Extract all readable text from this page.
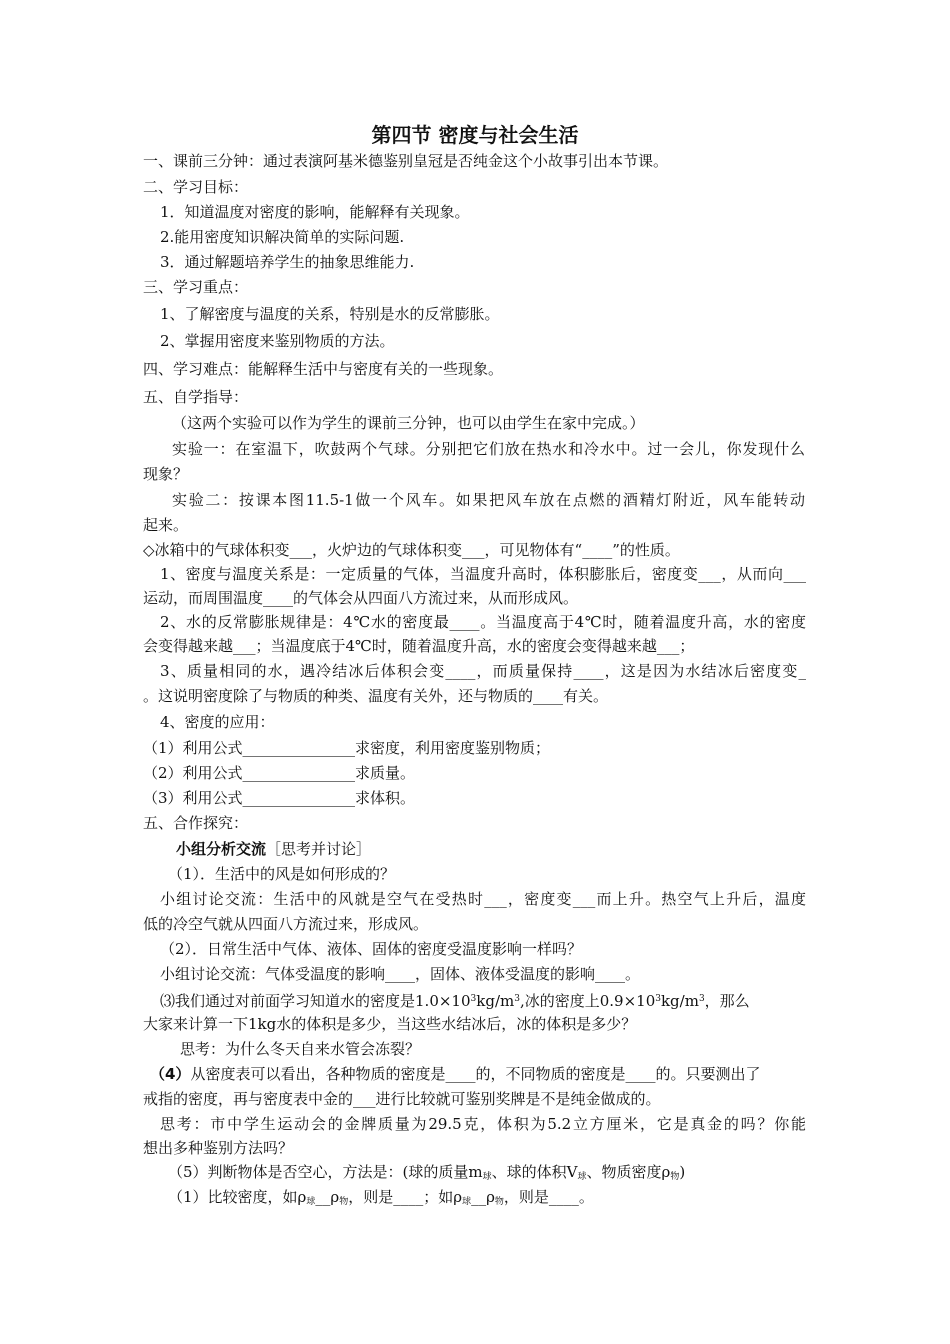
第四节 密度与社会生活
一、课前三分钟：通过表演阿基米德鉴别皇冠是否纯金这个小故事引出本节课。
二、学习目标：
1．知道温度对密度的影响，能解释有关现象。
2.能用密度知识解决简单的实际问题.
3．通过解题培养学生的抽象思维能力.
三、学习重点：
1、了解密度与温度的关系，特别是水的反常膨胀。
2、掌握用密度来鉴别物质的方法。
四、学习难点：能解释生活中与密度有关的一些现象。
五、自学指导：
（这两个实验可以作为学生的课前三分钟，也可以由学生在家中完成。）
实验一：在室温下，吹鼓两个气球。分别把它们放在热水和冷水中。过一会儿，你发现什么
现象？
实验二：按课本图11.5-1做一个风车。如果把风车放在点燃的酒精灯附近，风车能转动
起来。
◇冰箱中的气球体积变___，火炉边的气球体积变___，可见物体有“____”的性质。
1、密度与温度关系是：一定质量的气体，当温度升高时，体积膨胀后，密度变___，从而向___
运动，而周围温度____的气体会从四面八方流过来，从而形成风。
2、水的反常膨胀规律是：4℃水的密度最____。当温度高于4℃时，随着温度升高，水的密度
会变得越来越___；当温度底于4℃时，随着温度升高，水的密度会变得越来越___；
3、质量相同的水，遇冷结冰后体积会变____，而质量保持____，这是因为水结冰后密度变_
。这说明密度除了与物质的种类、温度有关外，还与物质的____有关。
4、密度的应用：
（1）利用公式_______________求密度，利用密度鉴别物质；
（2）利用公式_______________求质量。
（3）利用公式_______________求体积。
五、合作探究：
小组分析交流［思考并讨论］
（1）．生活中的风是如何形成的？
小组讨论交流：生活中的风就是空气在受热时___，密度变___而上升。热空气上升后，温度
低的冷空气就从四面八方流过来，形成风。
（2）．日常生活中气体、液体、固体的密度受温度影响一样吗？
小组讨论交流：气体受温度的影响____，固体、液体受温度的影响____。
⑶我们通过对前面学习知道水的密度是$1.0\times 10^3kg/m^3$,冰的密度上$0.9\times 10^3kg/m^3$，那么
大家来计算一下1kg水的体积是多少，当这些水结冰后，冰的体积是多少？
思考：为什么冬天自来水管会冻裂？
（4）从密度表可以看出，各种物质的密度是____的，不同物质的密度是____的。只要测出了
戒指的密度，再与密度表中金的___进行比较就可鉴别奖牌是不是纯金做成的。
思考：市中学生运动会的金牌质量为29.5克，体积为5.2立方厘米，它是真金的吗？你能
想出多种鉴别方法吗？
（5）判断物体是否空心，方法是：(球的质量$m_球$、球的体积$V_球$、物质密度$\rho_物$)
（1）比较密度，如$\rho_球\_\_\rho_物$，则是____；如$\rho_球\_\_\rho_物$，则是____。
